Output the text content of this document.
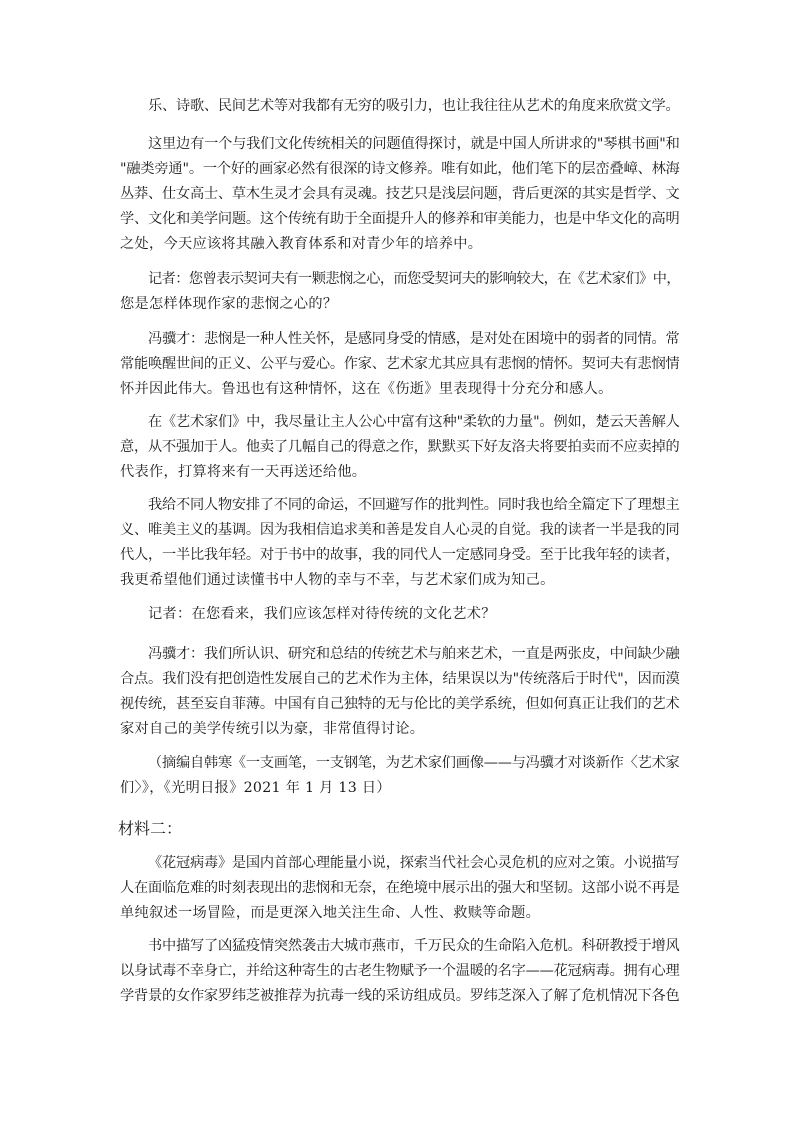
乐、诗歌、民间艺术等对我都有无穷的吸引力，也让我往往从艺术的角度来欣赏文学。

这里边有一个与我们文化传统相关的问题值得探讨，就是中国人所讲求的"琴棋书画"和
"融类旁通"。一个好的画家必然有很深的诗文修养。唯有如此，他们笔下的层峦叠嶂、林海
丛莽、仕女高士、草木生灵才会具有灵魂。技艺只是浅层问题，背后更深的其实是哲学、文
学、文化和美学问题。这个传统有助于全面提升人的修养和审美能力，也是中华文化的高明
之处，今天应该将其融入教育体系和对青少年的培养中。

记者：您曾表示契诃夫有一颗悲悯之心，而您受契诃夫的影响较大，在《艺术家们》中，
您是怎样体现作家的悲悯之心的？

冯骥才：悲悯是一种人性关怀，是感同身受的情感，是对处在困境中的弱者的同情。常
常能唤醒世间的正义、公平与爱心。作家、艺术家尤其应具有悲悯的情怀。契诃夫有悲悯情
怀并因此伟大。鲁迅也有这种情怀，这在《伤逝》里表现得十分充分和感人。

在《艺术家们》中，我尽量让主人公心中富有这种"柔软的力量"。例如，楚云天善解人
意，从不强加于人。他卖了几幅自己的得意之作，默默买下好友洛夫将要拍卖而不应卖掉的
代表作，打算将来有一天再送还给他。

我给不同人物安排了不同的命运，不回避写作的批判性。同时我也给全篇定下了理想主
义、唯美主义的基调。因为我相信追求美和善是发自人心灵的自觉。我的读者一半是我的同
代人，一半比我年轻。对于书中的故事，我的同代人一定感同身受。至于比我年轻的读者，
我更希望他们通过读懂书中人物的幸与不幸，与艺术家们成为知己。

记者：在您看来，我们应该怎样对待传统的文化艺术？

冯骥才：我们所认识、研究和总结的传统艺术与舶来艺术，一直是两张皮，中间缺少融
合点。我们没有把创造性发展自己的艺术作为主体，结果误以为"传统落后于时代"，因而漠
视传统，甚至妄自菲薄。中国有自己独特的无与伦比的美学系统，但如何真正让我们的艺术
家对自己的美学传统引以为豪，非常值得讨论。

（摘编自韩寒《一支画笔，一支钢笔，为艺术家们画像——与冯骥才对谈新作〈艺术家
们〉》，《光明日报》2021 年 1 月 13 日）

材料二：

《花冠病毒》是国内首部心理能量小说，探索当代社会心灵危机的应对之策。小说描写
人在面临危难的时刻表现出的悲悯和无奈，在绝境中展示出的强大和坚韧。这部小说不再是
单纯叙述一场冒险，而是更深入地关注生命、人性、救赎等命题。

书中描写了凶猛疫情突然袭击大城市燕市，千万民众的生命陷入危机。科研教授于增风
以身试毒不幸身亡，并给这种寄生的古老生物赋予一个温暖的名字——花冠病毒。拥有心理
学背景的女作家罗纬芝被推荐为抗毒一线的采访组成员。罗纬芝深入了解了危机情况下各色
